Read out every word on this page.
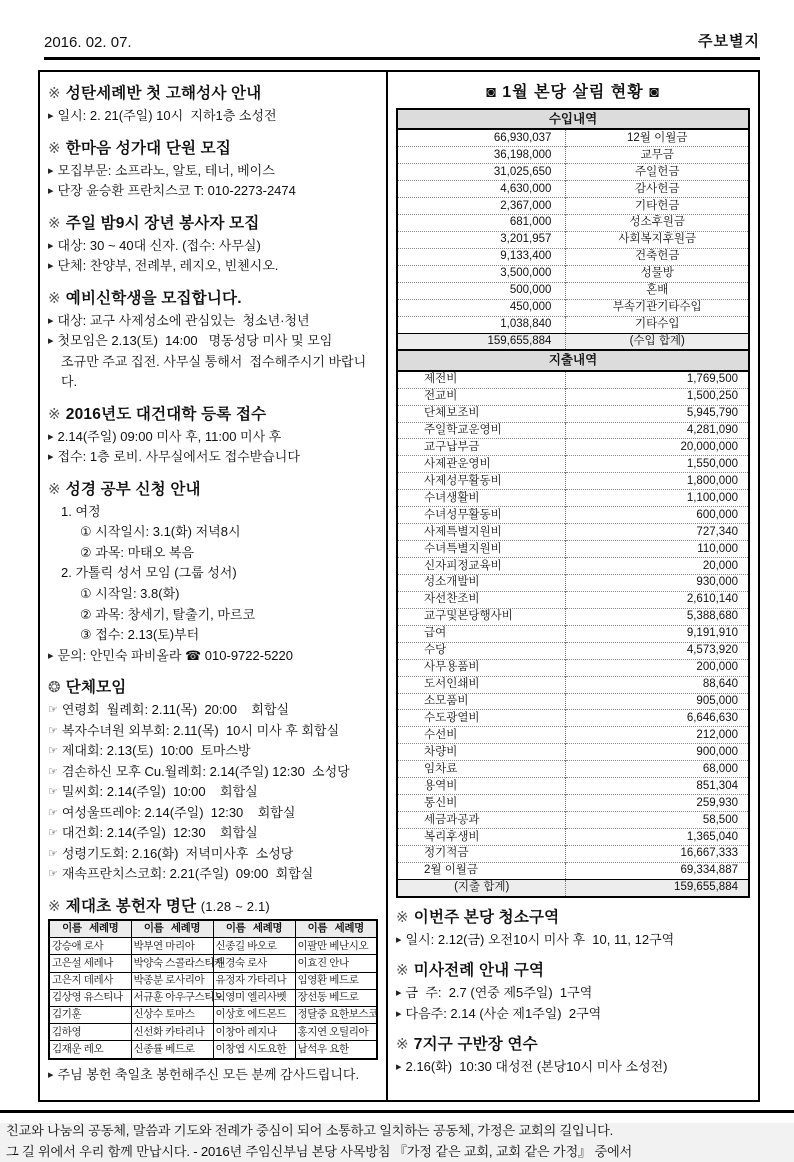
2016. 02. 07.	주보별지
※ 성탄세례반 첫 고해성사 안내
▸ 일시: 2. 21(주일) 10시  지하1층 소성전
※ 한마음 성가대 단원 모집
▸ 모집부문: 소프라노, 알토, 테너, 베이스
▸ 단장 윤승환 프란치스코 T: 010-2273-2474
※ 주일 밤9시 장년 봉사자 모집
▸ 대상: 30 ~ 40대 신자. (접수: 사무실)
▸ 단체: 찬양부, 전례부, 레지오, 빈첸시오.
※ 예비신학생을 모집합니다.
▸ 대상: 교구 사제성소에 관심있는  청소년·청년
▸ 첫모임은 2.13(토)  14:00   명동성당 미사 및 모임
조규만 주교 집전. 사무실 통해서  접수해주시기 바랍니다.
※ 2016년도 대건대학 등록 접수
▸ 2.14(주일) 09:00 미사 후, 11:00 미사 후
▸ 접수: 1층 로비. 사무실에서도 접수받습니다
※ 성경 공부 신청 안내
1. 여정
① 시작일시: 3.1(화) 저녁8시
② 과목: 마태오 복음
2. 가톨릭 성서 모임 (그룹 성서)
① 시작일: 3.8(화)
② 과목: 창세기, 탈출기, 마르코
③ 접수: 2.13(토)부터
▸ 문의: 안민숙 파비올라 ☎ 010-9722-5220
❂ 단체모임
☞ 연령회  월례회: 2.11(목)  20:00    회합실
☞ 복자수녀원 외부회: 2.11(목)  10시 미사 후 회합실
☞ 제대회: 2.13(토)  10:00  토마스방
☞ 겸손하신 모후 Cu.월례회: 2.14(주일) 12:30  소성당
☞ 밀씨회: 2.14(주일)  10:00    회합실
☞ 여성울뜨레야: 2.14(주일)  12:30    회합실
☞ 대건회: 2.14(주일)  12:30    회합실
☞ 성령기도회: 2.16(화)  저녁미사후  소성당
☞ 재속프란치스코회: 2.21(주일)  09:00  회합실
※ 제대초 봉헌자 명단 (1.28 ~ 2.1)
이름   세례명	이름   세례명	이름   세례명	이름   세례명
강승애 로사	박부연 마리아	신종길 바오로	이팔만 베난시오
고은설 세레나	박양숙 스콜라스티카	원경숙 로사	이효진 안나
고은지 데레사	박종분 로사리아	유정자 가타리나	임영환 베드로
김상영 유스티나	서규훈 아우구스티노	이영미 엘리사벳	장선동 베드로
김기훈	신상수 토마스	이상호 에드몬드	정달중 요한보스코
김하영	신선화 카타리나	이창아 레지나	홍지연 오틸리아
김재운 레오	신종률 베드로	이창엽 시도요한	남석우 요한
▸ 주님 봉헌 축일초 봉헌해주신 모든 분께 감사드립니다.
◙ 1월 본당 살림 현황 ◙
수입내역	
66,930,037	12월 이월금
36,198,000	교무금
31,025,650	주일헌금
4,630,000	감사헌금
2,367,000	기타헌금
681,000	성소후원금
3,201,957	사회복지후원금
9,133,400	건축헌금
3,500,000	성물방
500,000	혼배
450,000	부속기관기타수입
1,038,840	기타수입
159,655,884	(수입 합계)
지출내역	
제전비	1,769,500
전교비	1,500,250
단체보조비	5,945,790
주일학교운영비	4,281,090
교구납부금	20,000,000
사제관운영비	1,550,000
사제성무활동비	1,800,000
수녀생활비	1,100,000
수녀성무활동비	600,000
사제특별지원비	727,340
수녀특별지원비	110,000
신자피정교육비	20,000
성소개발비	930,000
자선찬조비	2,610,140
교구및본당행사비	5,388,680
급여	9,191,910
수당	4,573,920
사무용품비	200,000
도서인쇄비	88,640
소모품비	905,000
수도광열비	6,646,630
수선비	212,000
차량비	900,000
임차료	68,000
용역비	851,304
통신비	259,930
세금과공과	58,500
복리후생비	1,365,040
정기적금	16,667,333
2월 이월금	69,334,887
(지출 합계)	159,655,884
※ 이번주 본당 청소구역
▸ 일시: 2.12(금) 오전10시 미사 후  10, 11, 12구역
※ 미사전례 안내 구역
▸ 금  주:  2.7 (연중 제5주일)  1구역
▸ 다음주: 2.14 (사순 제1주일)  2구역
※ 7지구 구반장 연수
▸ 2.16(화)  10:30 대성전 (본당10시 미사 소성전)
친교와 나눔의 공동체, 말씀과 기도와 전례가 중심이 되어 소통하고 일치하는 공동체, 가정은 교회의 길입니다.
그 길 위에서 우리 함께 만납시다. - 2016년 주임신부님 본당 사목방침 『가정 같은 교회, 교회 같은 가정』 중에서
